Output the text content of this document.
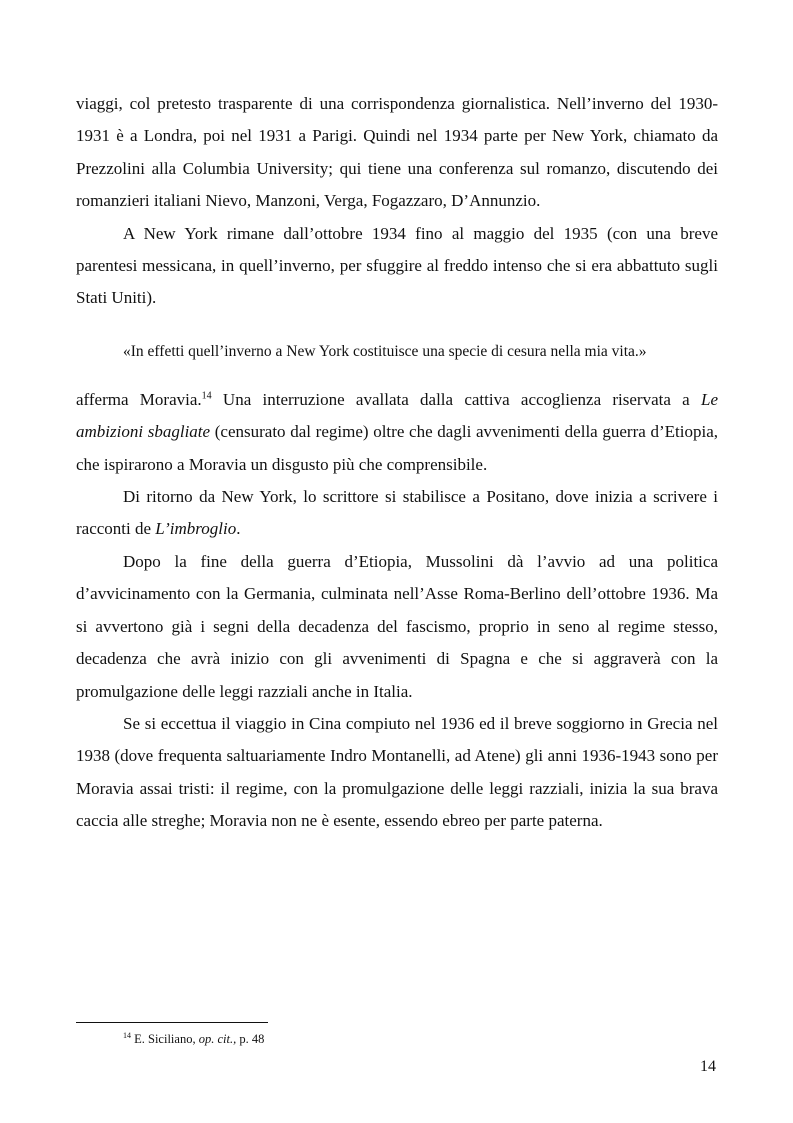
viaggi, col pretesto trasparente di una corrispondenza giornalistica. Nell’inverno del 1930-1931 è a Londra, poi nel 1931 a Parigi. Quindi nel 1934 parte per New York, chiamato da Prezzolini alla Columbia University; qui tiene una conferenza sul romanzo, discutendo dei romanzieri italiani Nievo, Manzoni, Verga, Fogazzaro, D’Annunzio.

A New York rimane dall’ottobre 1934 fino al maggio del 1935 (con una breve parentesi messicana, in quell’inverno, per sfuggire al freddo intenso che si era abbattuto sugli Stati Uniti).

«In effetti quell’inverno a New York costituisce una specie di cesura nella mia vita.»

afferma Moravia.$^{14}$ Una interruzione avallata dalla cattiva accoglienza riservata a Le ambizioni sbagliate (censurato dal regime) oltre che dagli avvenimenti della guerra d’Etiopia, che ispirarono a Moravia un disgusto più che comprensibile.

Di ritorno da New York, lo scrittore si stabilisce a Positano, dove inizia a scrivere i racconti de L’imbroglio.

Dopo la fine della guerra d’Etiopia, Mussolini dà l’avvio ad una politica d’avvicinamento con la Germania, culminata nell’Asse Roma-Berlino dell’ottobre 1936. Ma si avvertono già i segni della decadenza del fascismo, proprio in seno al regime stesso, decadenza che avrà inizio con gli avvenimenti di Spagna e che si aggraverà con la promulgazione delle leggi razziali anche in Italia.

Se si eccettua il viaggio in Cina compiuto nel 1936 ed il breve soggiorno in Grecia nel 1938 (dove frequenta saltuariamente Indro Montanelli, ad Atene) gli anni 1936-1943 sono per Moravia assai tristi: il regime, con la promulgazione delle leggi razziali, inizia la sua brava caccia alle streghe; Moravia non ne è esente, essendo ebreo per parte paterna.

$^{14}$ E. Siciliano, op. cit., p. 48
14
